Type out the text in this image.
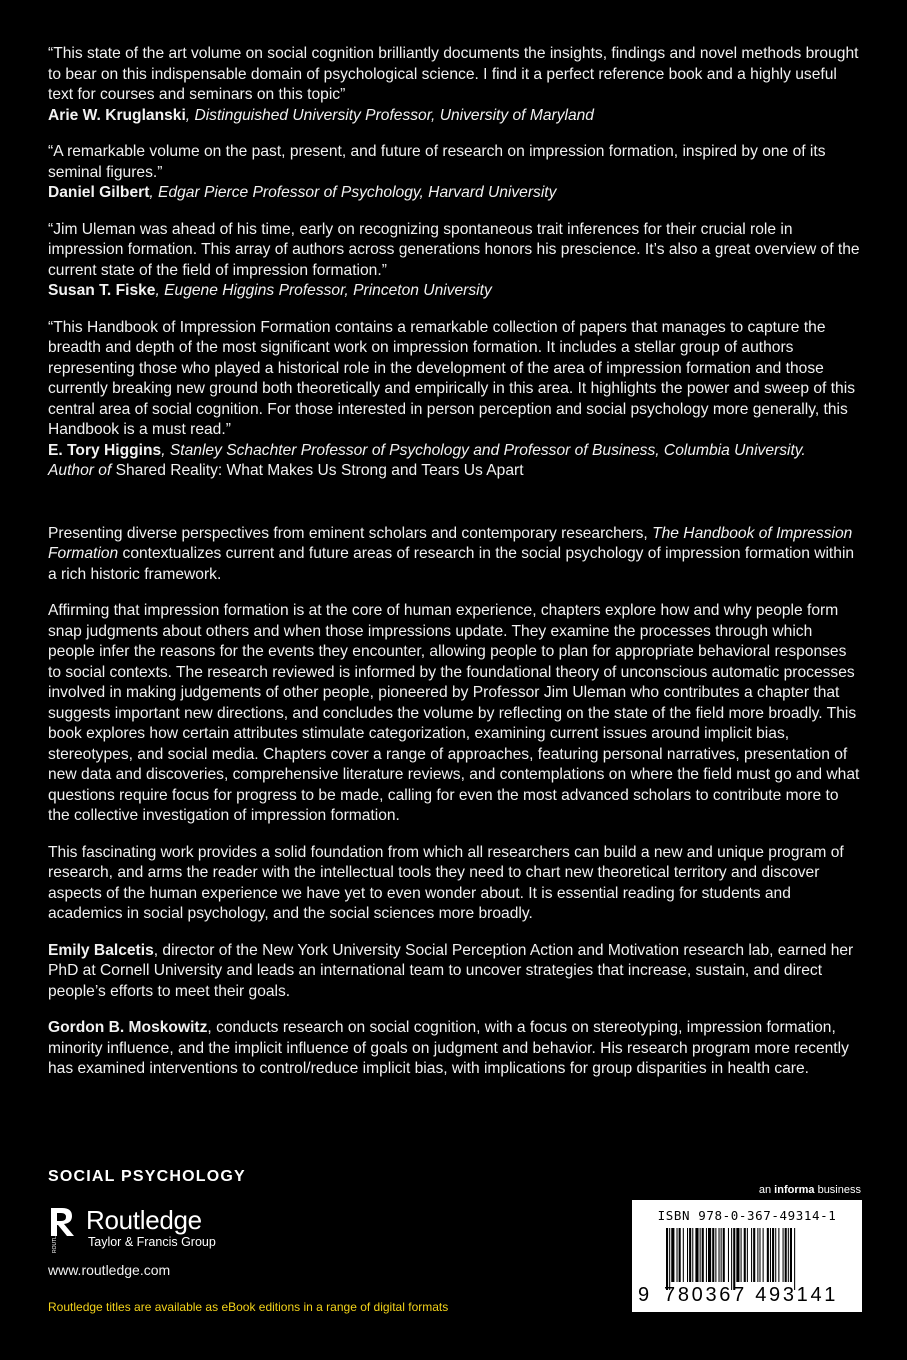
“This state of the art volume on social cognition brilliantly documents the insights, findings and novel methods brought to bear on this indispensable domain of psychological science. I find it a perfect reference book and a highly useful text for courses and seminars on this topic”
Arie W. Kruglanski, Distinguished University Professor, University of Maryland
“A remarkable volume on the past, present, and future of research on impression formation, inspired by one of its seminal figures.”
Daniel Gilbert, Edgar Pierce Professor of Psychology, Harvard University
“Jim Uleman was ahead of his time, early on recognizing spontaneous trait inferences for their crucial role in impression formation. This array of authors across generations honors his prescience. It’s also a great overview of the current state of the field of impression formation.”
Susan T. Fiske, Eugene Higgins Professor, Princeton University
“This Handbook of Impression Formation contains a remarkable collection of papers that manages to capture the breadth and depth of the most significant work on impression formation. It includes a stellar group of authors representing those who played a historical role in the development of the area of impression formation and those currently breaking new ground both theoretically and empirically in this area. It highlights the power and sweep of this central area of social cognition. For those interested in person perception and social psychology more generally, this Handbook is a must read.”
E. Tory Higgins, Stanley Schachter Professor of Psychology and Professor of Business, Columbia University.
Author of Shared Reality: What Makes Us Strong and Tears Us Apart

Presenting diverse perspectives from eminent scholars and contemporary researchers, The Handbook of Impression Formation contextualizes current and future areas of research in the social psychology of impression formation within a rich historic framework.

Affirming that impression formation is at the core of human experience, chapters explore how and why people form snap judgments about others and when those impressions update. They examine the processes through which people infer the reasons for the events they encounter, allowing people to plan for appropriate behavioral responses to social contexts. The research reviewed is informed by the foundational theory of unconscious automatic processes involved in making judgements of other people, pioneered by Professor Jim Uleman who contributes a chapter that suggests important new directions, and concludes the volume by reflecting on the state of the field more broadly. This book explores how certain attributes stimulate categorization, examining current issues around implicit bias, stereotypes, and social media. Chapters cover a range of approaches, featuring personal narratives, presentation of new data and discoveries, comprehensive literature reviews, and contemplations on where the field must go and what questions require focus for progress to be made, calling for even the most advanced scholars to contribute more to the collective investigation of impression formation.

This fascinating work provides a solid foundation from which all researchers can build a new and unique program of research, and arms the reader with the intellectual tools they need to chart new theoretical territory and discover aspects of the human experience we have yet to even wonder about. It is essential reading for students and academics in social psychology, and the social sciences more broadly.

Emily Balcetis, director of the New York University Social Perception Action and Motivation research lab, earned her PhD at Cornell University and leads an international team to uncover strategies that increase, sustain, and direct people’s efforts to meet their goals.

Gordon B. Moskowitz, conducts research on social cognition, with a focus on stereotyping, impression formation, minority influence, and the implicit influence of goals on judgment and behavior. His research program more recently has examined interventions to control/reduce implicit bias, with implications for group disparities in health care.

SOCIAL PSYCHOLOGY
ROUTLEDGE
Routledge
Taylor & Francis Group
www.routledge.com
Routledge titles are available as eBook editions in a range of digital formats
an informa business
ISBN 978-0-367-49314-1
9 780367 493141
